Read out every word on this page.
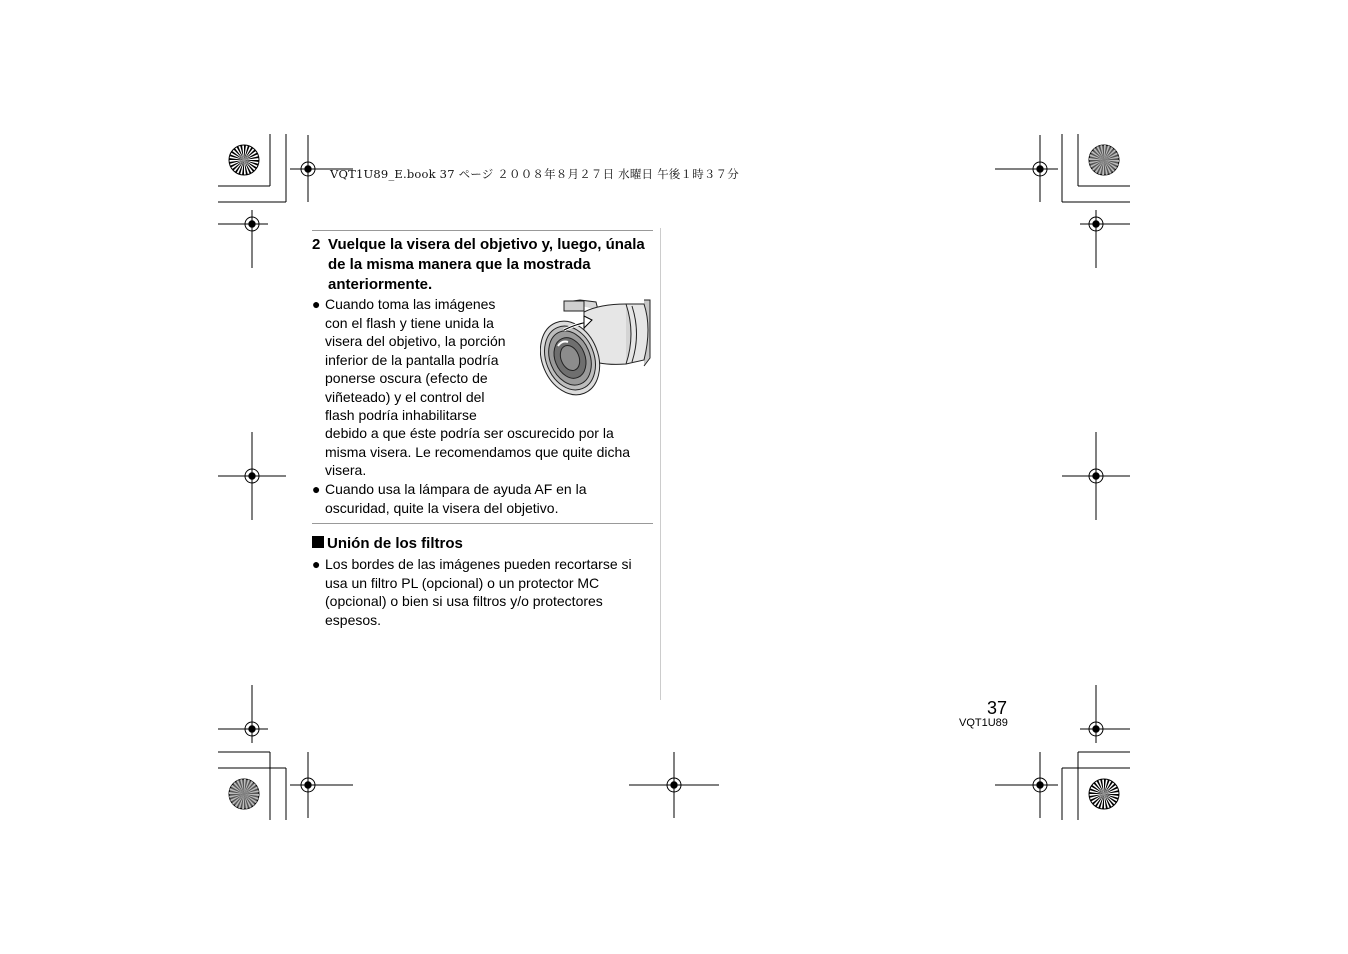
VQT1U89_E.book 37 ページ ２００８年８月２７日 水曜日 午後１時３７分
2 Vuelque la visera del objetivo y, luego, únala de la misma manera que la mostrada anteriormente.
● Cuando toma las imágenes
con el flash y tiene unida la
visera del objetivo, la porción
inferior de la pantalla podría
ponerse oscura (efecto de
viñeteado) y el control del
flash podría inhabilitarse
debido a que éste podría ser oscurecido por la
misma visera. Le recomendamos que quite dicha
visera.
● Cuando usa la lámpara de ayuda AF en la
oscuridad, quite la visera del objetivo.
Unión de los filtros
● Los bordes de las imágenes pueden recortarse si
usa un filtro PL (opcional) o un protector MC
(opcional) o bien si usa filtros y/o protectores
espesos.
37
VQT1U89
